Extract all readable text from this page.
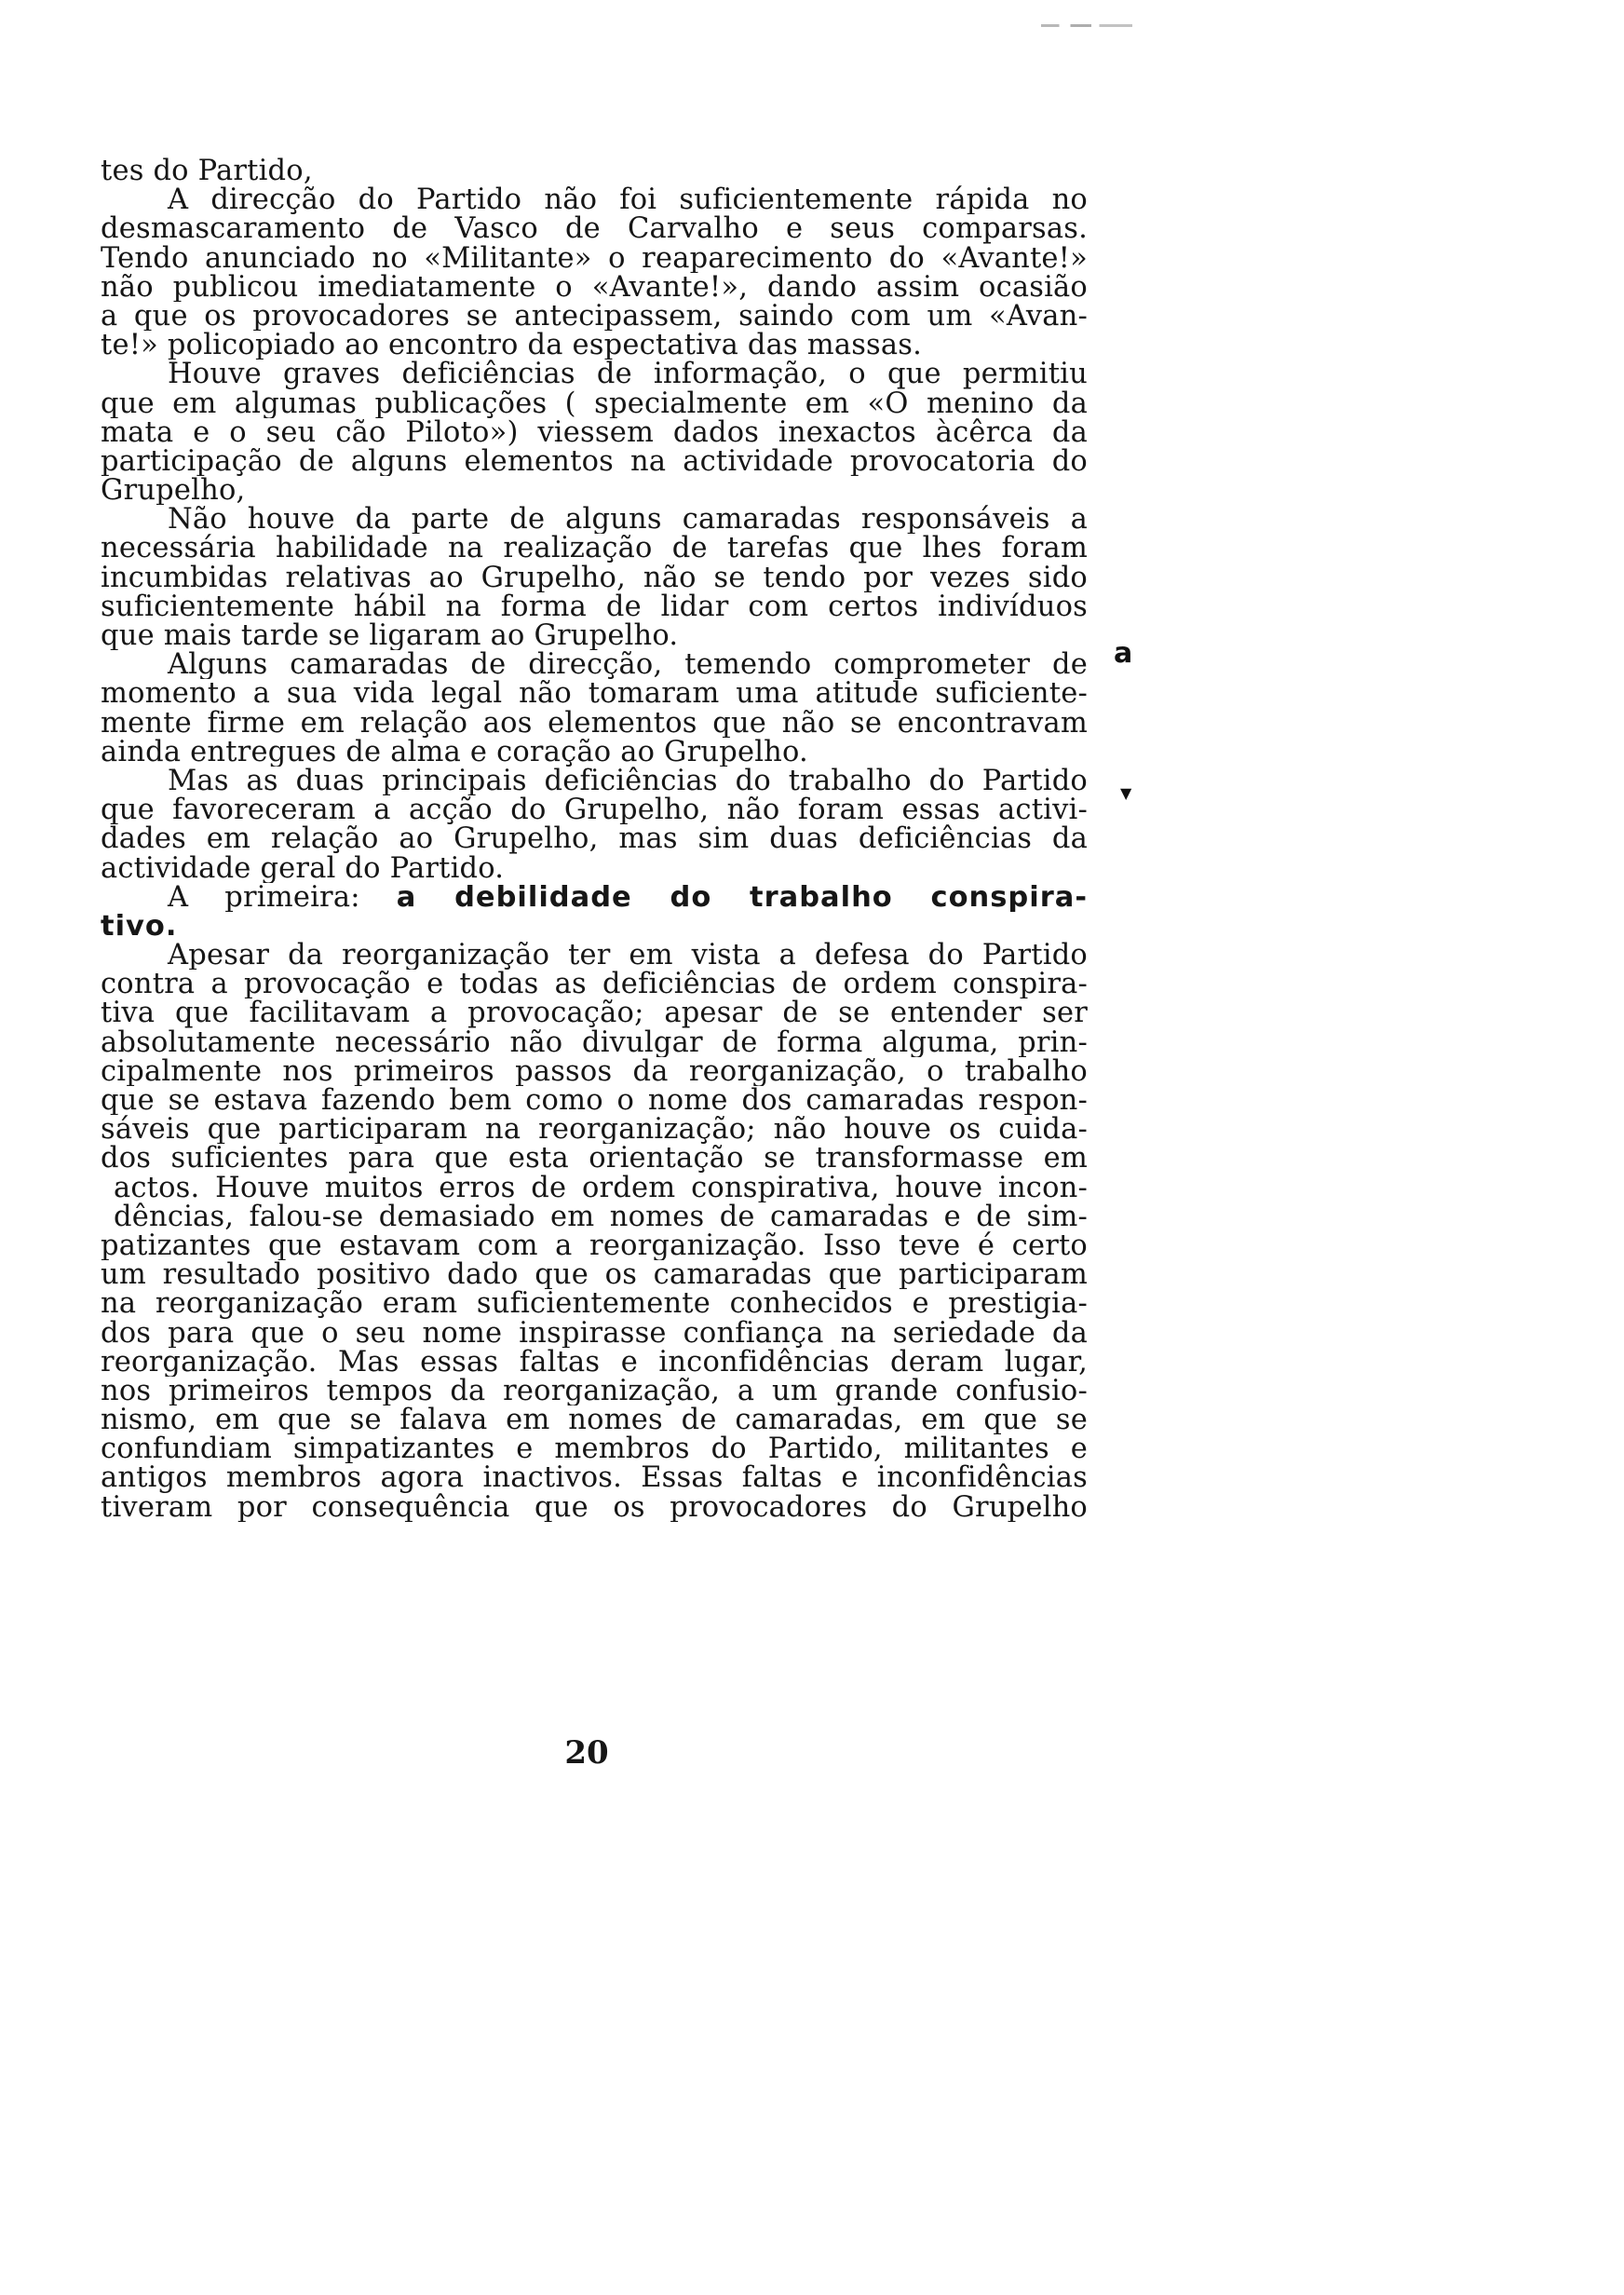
tes do Partido,
A direcção do Partido não foi suficientemente rápida no
desmascaramento de Vasco de Carvalho e seus comparsas.
Tendo anunciado no «Militante» o reaparecimento do «Avante!»
não publicou imediatamente o «Avante!», dando assim ocasião
a que os provocadores se antecipassem, saindo com um «Avan-
te!» policopiado ao encontro da espectativa das massas.
Houve graves deficiências de informação, o que permitiu
que em algumas publicações ( specialmente em «O menino da
mata e o seu cão Piloto») viessem dados inexactos àcêrca da
participação de alguns elementos na actividade provocatoria do
Grupelho,
Não houve da parte de alguns camaradas responsáveis a
necessária habilidade na realização de tarefas que lhes foram
incumbidas relativas ao Grupelho, não se tendo por vezes sido
suficientemente hábil na forma de lidar com certos indivíduos
que mais tarde se ligaram ao Grupelho.
Alguns camaradas de direcção, temendo comprometer de
momento a sua vida legal não tomaram uma atitude suficiente-
mente firme em relação aos elementos que não se encontravam
ainda entregues de alma e coração ao Grupelho.
Mas as duas principais deficiências do trabalho do Partido
que favoreceram a acção do Grupelho, não foram essas activi-
dades em relação ao Grupelho, mas sim duas deficiências da
actividade geral do Partido.
A primeira: a debilidade do trabalho conspira-
tivo.
Apesar da reorganização ter em vista a defesa do Partido
contra a provocação e todas as deficiências de ordem conspira-
tiva que facilitavam a provocação; apesar de se entender ser
absolutamente necessário não divulgar de forma alguma, prin-
cipalmente nos primeiros passos da reorganização, o trabalho
que se estava fazendo bem como o nome dos camaradas respon-
sáveis que participaram na reorganização; não houve os cuida-
dos suficientes para que esta orientação se transformasse em
actos. Houve muitos erros de ordem conspirativa, houve incon-
dências, falou-se demasiado em nomes de camaradas e de sim-
patizantes que estavam com a reorganização. Isso teve é certo
um resultado positivo dado que os camaradas que participaram
na reorganização eram suficientemente conhecidos e prestigia-
dos para que o seu nome inspirasse confiança na seriedade da
reorganização. Mas essas faltas e inconfidências deram lugar,
nos primeiros tempos da reorganização, a um grande confusio-
nismo, em que se falava em nomes de camaradas, em que se
confundiam simpatizantes e membros do Partido, militantes e
antigos membros agora inactivos. Essas faltas e inconfidências
tiveram por consequência que os provocadores do Grupelho
a
▼
20
